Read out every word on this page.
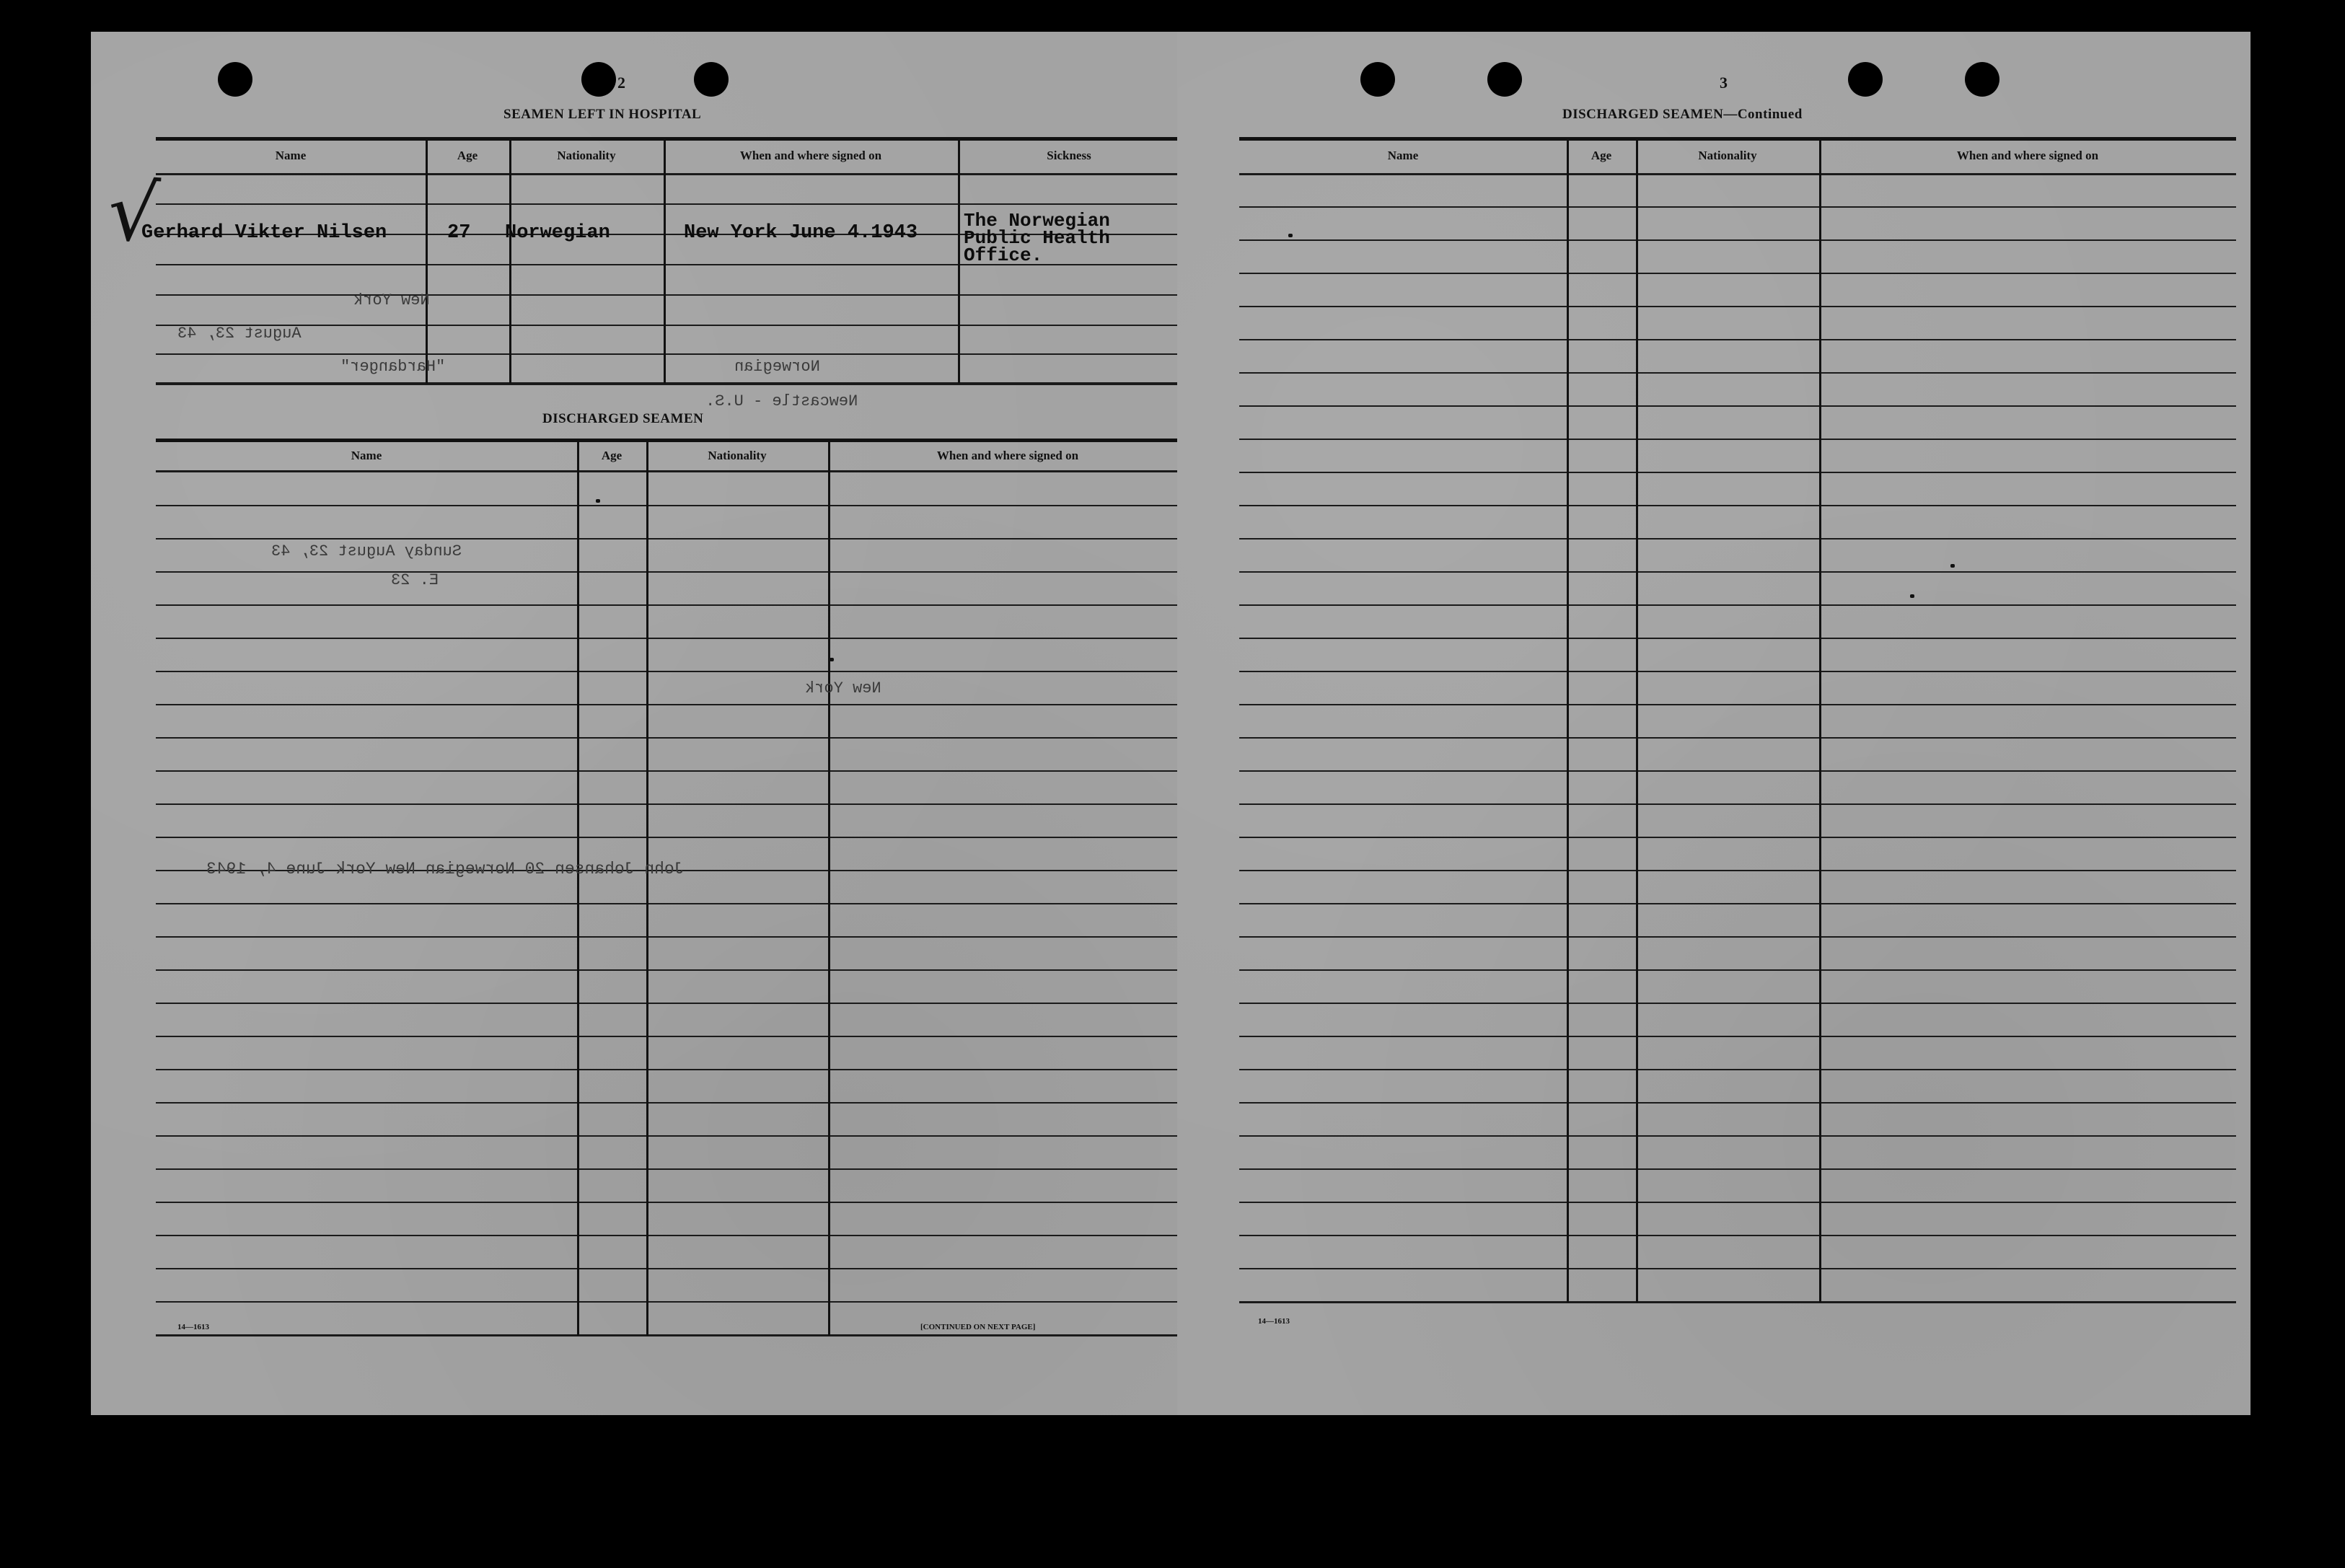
2
SEAMEN LEFT IN HOSPITAL
Name	Age	Nationality	When and where signed on	Sickness
√
Gerhard Vikter Nilsen	27 Norwegian	New York June 4.1943
The Norwegian
Public Health
Office.
New York
August 23, 43
"Hardanger"	Norwegian
Newcastle - U.S.
DISCHARGED SEAMEN
Name	Age	Nationality	When and where signed on
Sunday August 23, 43
E. 23
New York
John Johansen 20 Norwegian New York June 4, 1943
14—1613	[CONTINUED ON NEXT PAGE]
3
DISCHARGED SEAMEN—Continued
Name	Age	Nationality	When and where signed on
14—1613
